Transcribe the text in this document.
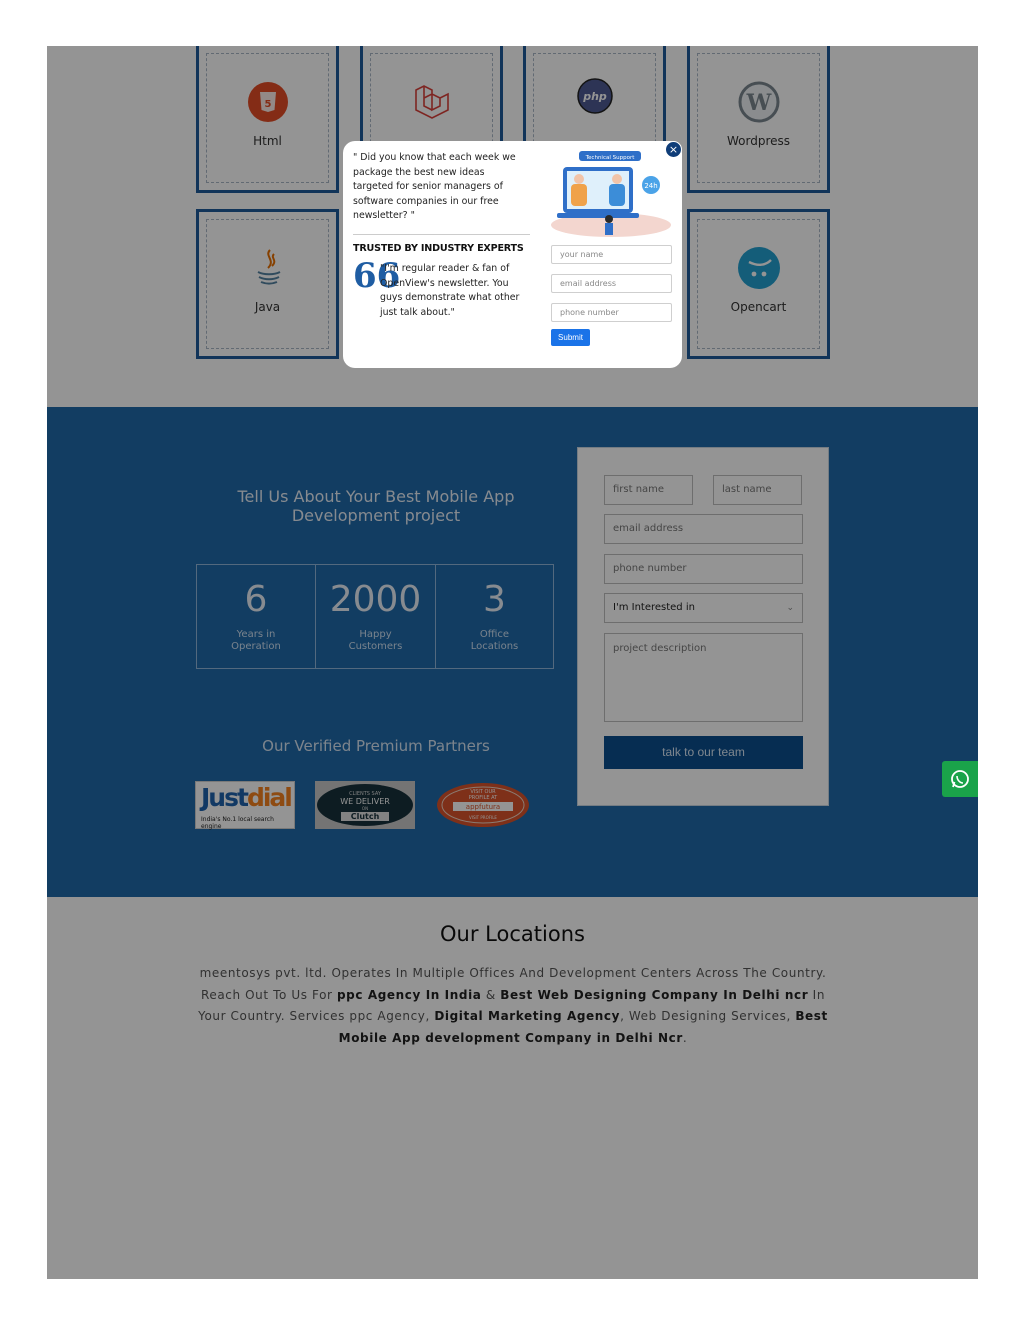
5
Html
php	W
Wordpress
Java	Opencart
Tell Us About Your Best Mobile App Development project
6
Years in
Operation
2000
Happy
Customers
3
Office
Locations
Our Verified Premium Partners
Justdial
India's No.1 local search engine
CLIENTS SAY
WE DELIVER
ON
Clutch
VISIT OUR
PROFILE AT
appfutura
VISIT PROFILE
first name	last name
email address
phone number
I'm Interested in	⌄
project description
talk to our team
Our Locations
meentosys pvt. ltd. Operates In Multiple Offices And Development Centers Across The Country. Reach Out To Us For ppc Agency In India & Best Web Designing Company In Delhi ncr In Your Country. Services ppc Agency, Digital Marketing Agency, Web Designing Services, Best Mobile App development Company in Delhi Ncr.
" Did you know that each week we package the best new ideas targeted for senior managers of software companies in our free newsletter? "
TRUSTED BY INDUSTRY EXPERTS
66
"I'm regular reader & fan of OpenView's newsletter. You guys demonstrate what other just talk about."
Technical Support
24h
your name
email address
phone number
Submit
×
